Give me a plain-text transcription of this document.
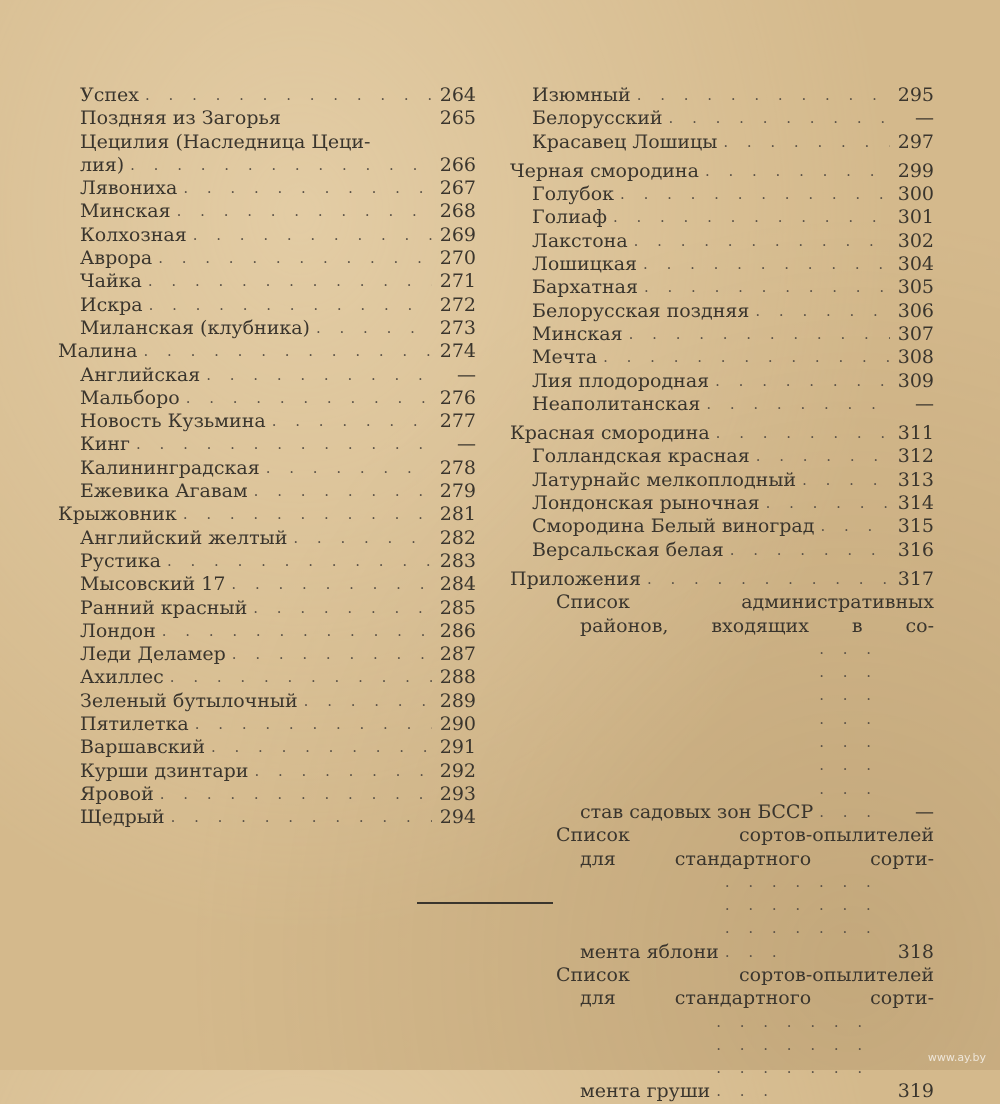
Успех . . .	264
Поздняя из Загорья	265
Цецилия (Наследница Цеци-
лия) . . .	266
Лявониха . . .	267
Минская . . .	268
Колхозная . . .	269
Аврора . . .	270
Чайка . . .	271
Искра . . .	272
Миланская (клубника) . . .	273
Малина . . .	274
Английская . . .	—
Мальборо . . .	276
Новость Кузьмина . . .	277
Кинг . . .	—
Калининградская . . .	278
Ежевика Агавам . . .	279
Крыжовник . . .	281
Английский желтый . . .	282
Рустика . . .	283
Мысовский 17 . . .	284
Ранний красный . . .	285
Лондон . . .	286
Леди Деламер . . .	287
Ахиллес . . .	288
Зеленый бутылочный . . .	289
Пятилетка . . .	290
Варшавский . . .	291
Курши дзинтари . . .	292
Яровой . . .	293
Щедрый . . .	294
Изюмный . . .	295
Белорусский . . .	—
Красавец Лошицы . . .	297
Черная смородина . . .	299
Голубок . . .	300
Голиаф . . .	301
Лакстона . . .	302
Лошицкая . . .	304
Бархатная . . .	305
Белорусская поздняя . . .	306
Минская . . .	307
Мечта . . .	308
Лия плодородная . . .	309
Неаполитанская . . .	—
Красная смородина . . .	311
Голландская красная . . .	312
Латурнайс мелкоплодный . . .	313
Лондонская рыночная . . .	314
Смородина Белый виноград . . .	315
Версальская белая . . .	316
Приложения . . .	317
Список административных
районов, входящих в со-
став садовых зон БССР . . .	—
Список сортов-опылителей
для стандартного сорти-
мента яблони . . .	318
Список сортов-опылителей
для стандартного сорти-
мента груши . . .	319
www.ay.by
